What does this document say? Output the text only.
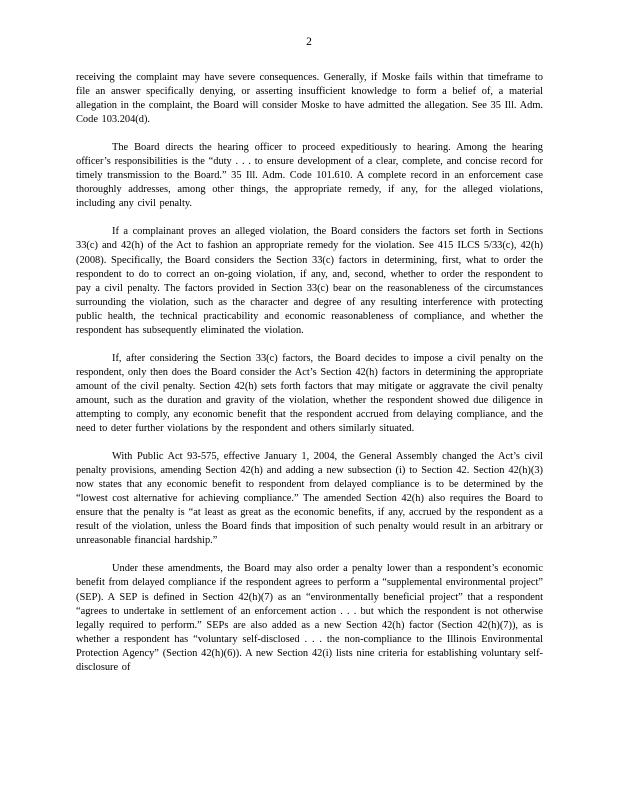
2

receiving the complaint may have severe consequences. Generally, if Moske fails within that timeframe to file an answer specifically denying, or asserting insufficient knowledge to form a belief of, a material allegation in the complaint, the Board will consider Moske to have admitted the allegation. See 35 Ill. Adm. Code 103.204(d).

The Board directs the hearing officer to proceed expeditiously to hearing. Among the hearing officer’s responsibilities is the “duty . . . to ensure development of a clear, complete, and concise record for timely transmission to the Board.” 35 Ill. Adm. Code 101.610. A complete record in an enforcement case thoroughly addresses, among other things, the appropriate remedy, if any, for the alleged violations, including any civil penalty.

If a complainant proves an alleged violation, the Board considers the factors set forth in Sections 33(c) and 42(h) of the Act to fashion an appropriate remedy for the violation. See 415 ILCS 5/33(c), 42(h) (2008). Specifically, the Board considers the Section 33(c) factors in determining, first, what to order the respondent to do to correct an on-going violation, if any, and, second, whether to order the respondent to pay a civil penalty. The factors provided in Section 33(c) bear on the reasonableness of the circumstances surrounding the violation, such as the character and degree of any resulting interference with protecting public health, the technical practicability and economic reasonableness of compliance, and whether the respondent has subsequently eliminated the violation.

If, after considering the Section 33(c) factors, the Board decides to impose a civil penalty on the respondent, only then does the Board consider the Act’s Section 42(h) factors in determining the appropriate amount of the civil penalty. Section 42(h) sets forth factors that may mitigate or aggravate the civil penalty amount, such as the duration and gravity of the violation, whether the respondent showed due diligence in attempting to comply, any economic benefit that the respondent accrued from delaying compliance, and the need to deter further violations by the respondent and others similarly situated.

With Public Act 93-575, effective January 1, 2004, the General Assembly changed the Act’s civil penalty provisions, amending Section 42(h) and adding a new subsection (i) to Section 42. Section 42(h)(3) now states that any economic benefit to respondent from delayed compliance is to be determined by the “lowest cost alternative for achieving compliance.” The amended Section 42(h) also requires the Board to ensure that the penalty is “at least as great as the economic benefits, if any, accrued by the respondent as a result of the violation, unless the Board finds that imposition of such penalty would result in an arbitrary or unreasonable financial hardship.”

Under these amendments, the Board may also order a penalty lower than a respondent’s economic benefit from delayed compliance if the respondent agrees to perform a “supplemental environmental project” (SEP). A SEP is defined in Section 42(h)(7) as an “environmentally beneficial project” that a respondent “agrees to undertake in settlement of an enforcement action . . . but which the respondent is not otherwise legally required to perform.” SEPs are also added as a new Section 42(h) factor (Section 42(h)(7)), as is whether a respondent has “voluntary self-disclosed . . . the non-compliance to the Illinois Environmental Protection Agency” (Section 42(h)(6)). A new Section 42(i) lists nine criteria for establishing voluntary self-disclosure of
